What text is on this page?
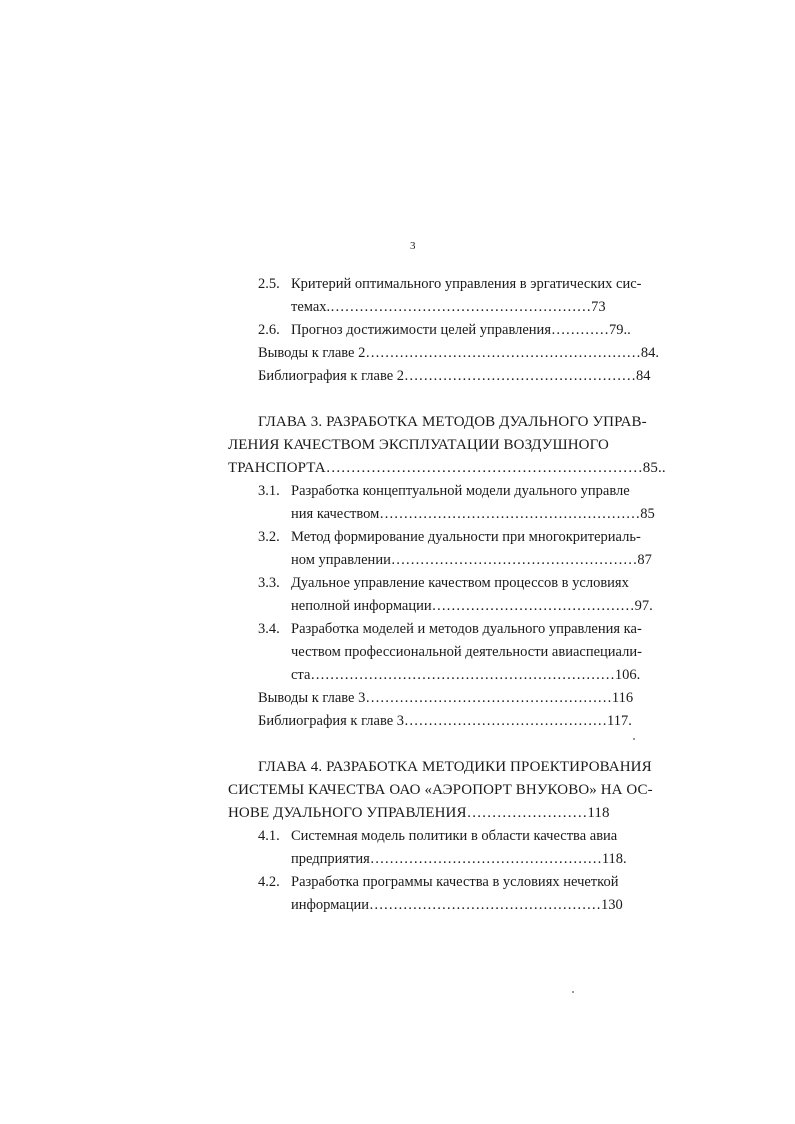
3
2.5. Критерий оптимального управления в эргатических сис-
темах.………………………………………………73
2.6. Прогноз достижимости целей управления…………79..
Выводы к главе 2…………………………………………………84.
Библиография к главе 2…………………………………………84
ГЛАВА 3. РАЗРАБОТКА МЕТОДОВ ДУАЛЬНОГО УПРАВ-
ЛЕНИЯ КАЧЕСТВОМ ЭКСПЛУАТАЦИИ ВОЗДУШНОГО
ТРАНСПОРТА………………………………………………………85..
3.1. Разработка концептуальной модели дуального управле
ния качеством………………………………………………85
3.2. Метод формирование дуальности при многокритериаль-
ном управлении……………………………………………87
3.3. Дуальное управление качеством процессов в условиях
неполной информации……………………………………97.
3.4. Разработка моделей и методов дуального управления ка-
чеством профессиональной деятельности авиаспециали-
ста………………………………………………………106.
Выводы к главе 3……………………………………………116
Библиография к главе 3……………………………………117.
ГЛАВА 4. РАЗРАБОТКА МЕТОДИКИ ПРОЕКТИРОВАНИЯ
СИСТЕМЫ КАЧЕСТВА ОАО «АЭРОПОРТ ВНУКОВО» НА ОС-
НОВЕ ДУАЛЬНОГО УПРАВЛЕНИЯ……………………118
4.1. Системная модель политики в области качества авиа
предприятия…………………………………………118.
4.2. Разработка программы качества в условиях нечеткой
информации…………………………………………130
